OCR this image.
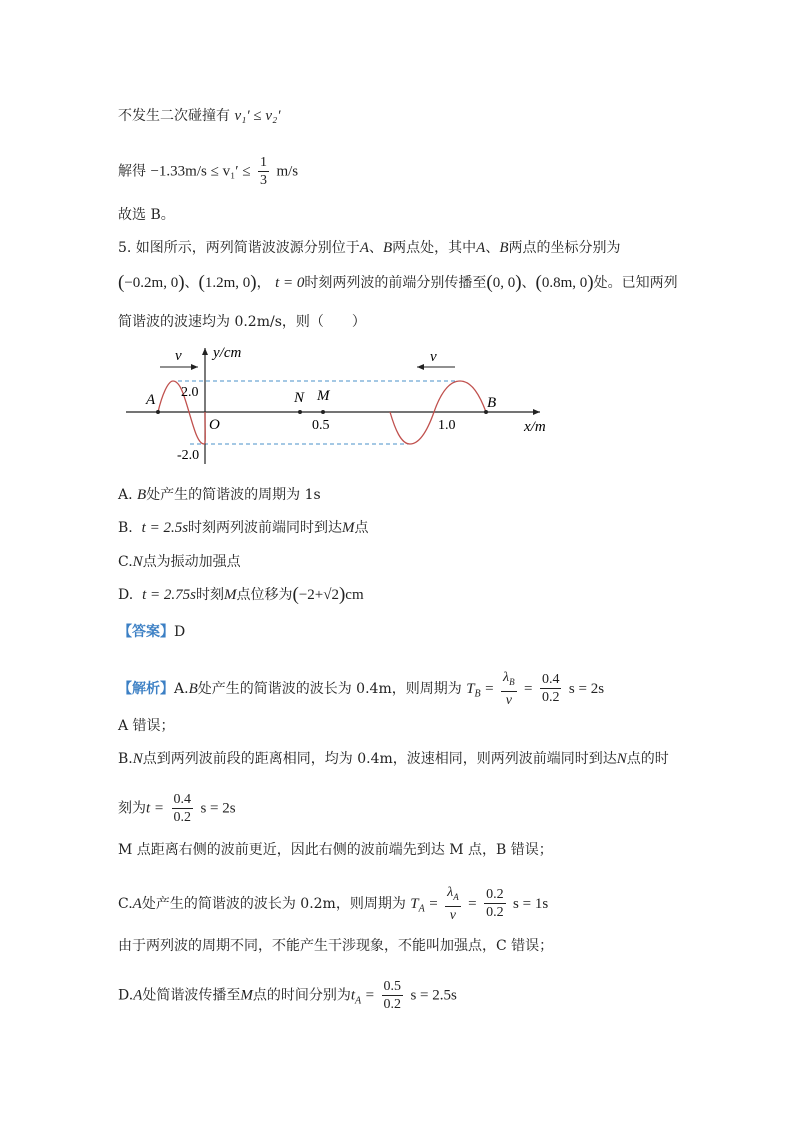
不发生二次碰撞有 v₁′ ≤ v₂′
解得 $-1.33m/s \le v_1' \le \frac{1}{3} m/s$
故选 B。
5. 如图所示，两列简谐波波源分别位于A、B两点处，其中A、B两点的坐标分别为
(−0.2m, 0)、(1.2m, 0)， t = 0时刻两列波的前端分别传播至(0, 0)、(0.8m, 0)处。已知两列
简谐波的波速均为 0.2m/s，则（　　）
v	v
y/cm
x/m
A	B
N M
O
2.0
-2.0
0.5	1.0
A. B处产生的简谐波的周期为 1s
B. t = 2.5s时刻两列波前端同时到达M点
C.N点为振动加强点
D. t = 2.75s时刻M点位移为(−2+√2)cm
【答案】D
【解析】A.B处产生的简谐波的波长为 0.4m，则周期为 $T_B = \frac{\lambda_B}{v} = \frac{0.4}{0.2}$ s = 2s
A 错误；
B.N点到两列波前段的距离相同，均为 0.4m，波速相同，则两列波前端同时到达N点的时
刻为$t = \frac{0.4}{0.2}$ s = 2s
M 点距离右侧的波前更近，因此右侧的波前端先到达 M 点，B 错误；
C.A处产生的简谐波的波长为 0.2m，则周期为 $T_A = \frac{\lambda_A}{v} = \frac{0.2}{0.2}$ s = 1s
由于两列波的周期不同，不能产生干涉现象，不能叫加强点，C 错误；
D.A处简谐波传播至M点的时间分别为$t_A = \frac{0.5}{0.2}$ s = 2.5s
